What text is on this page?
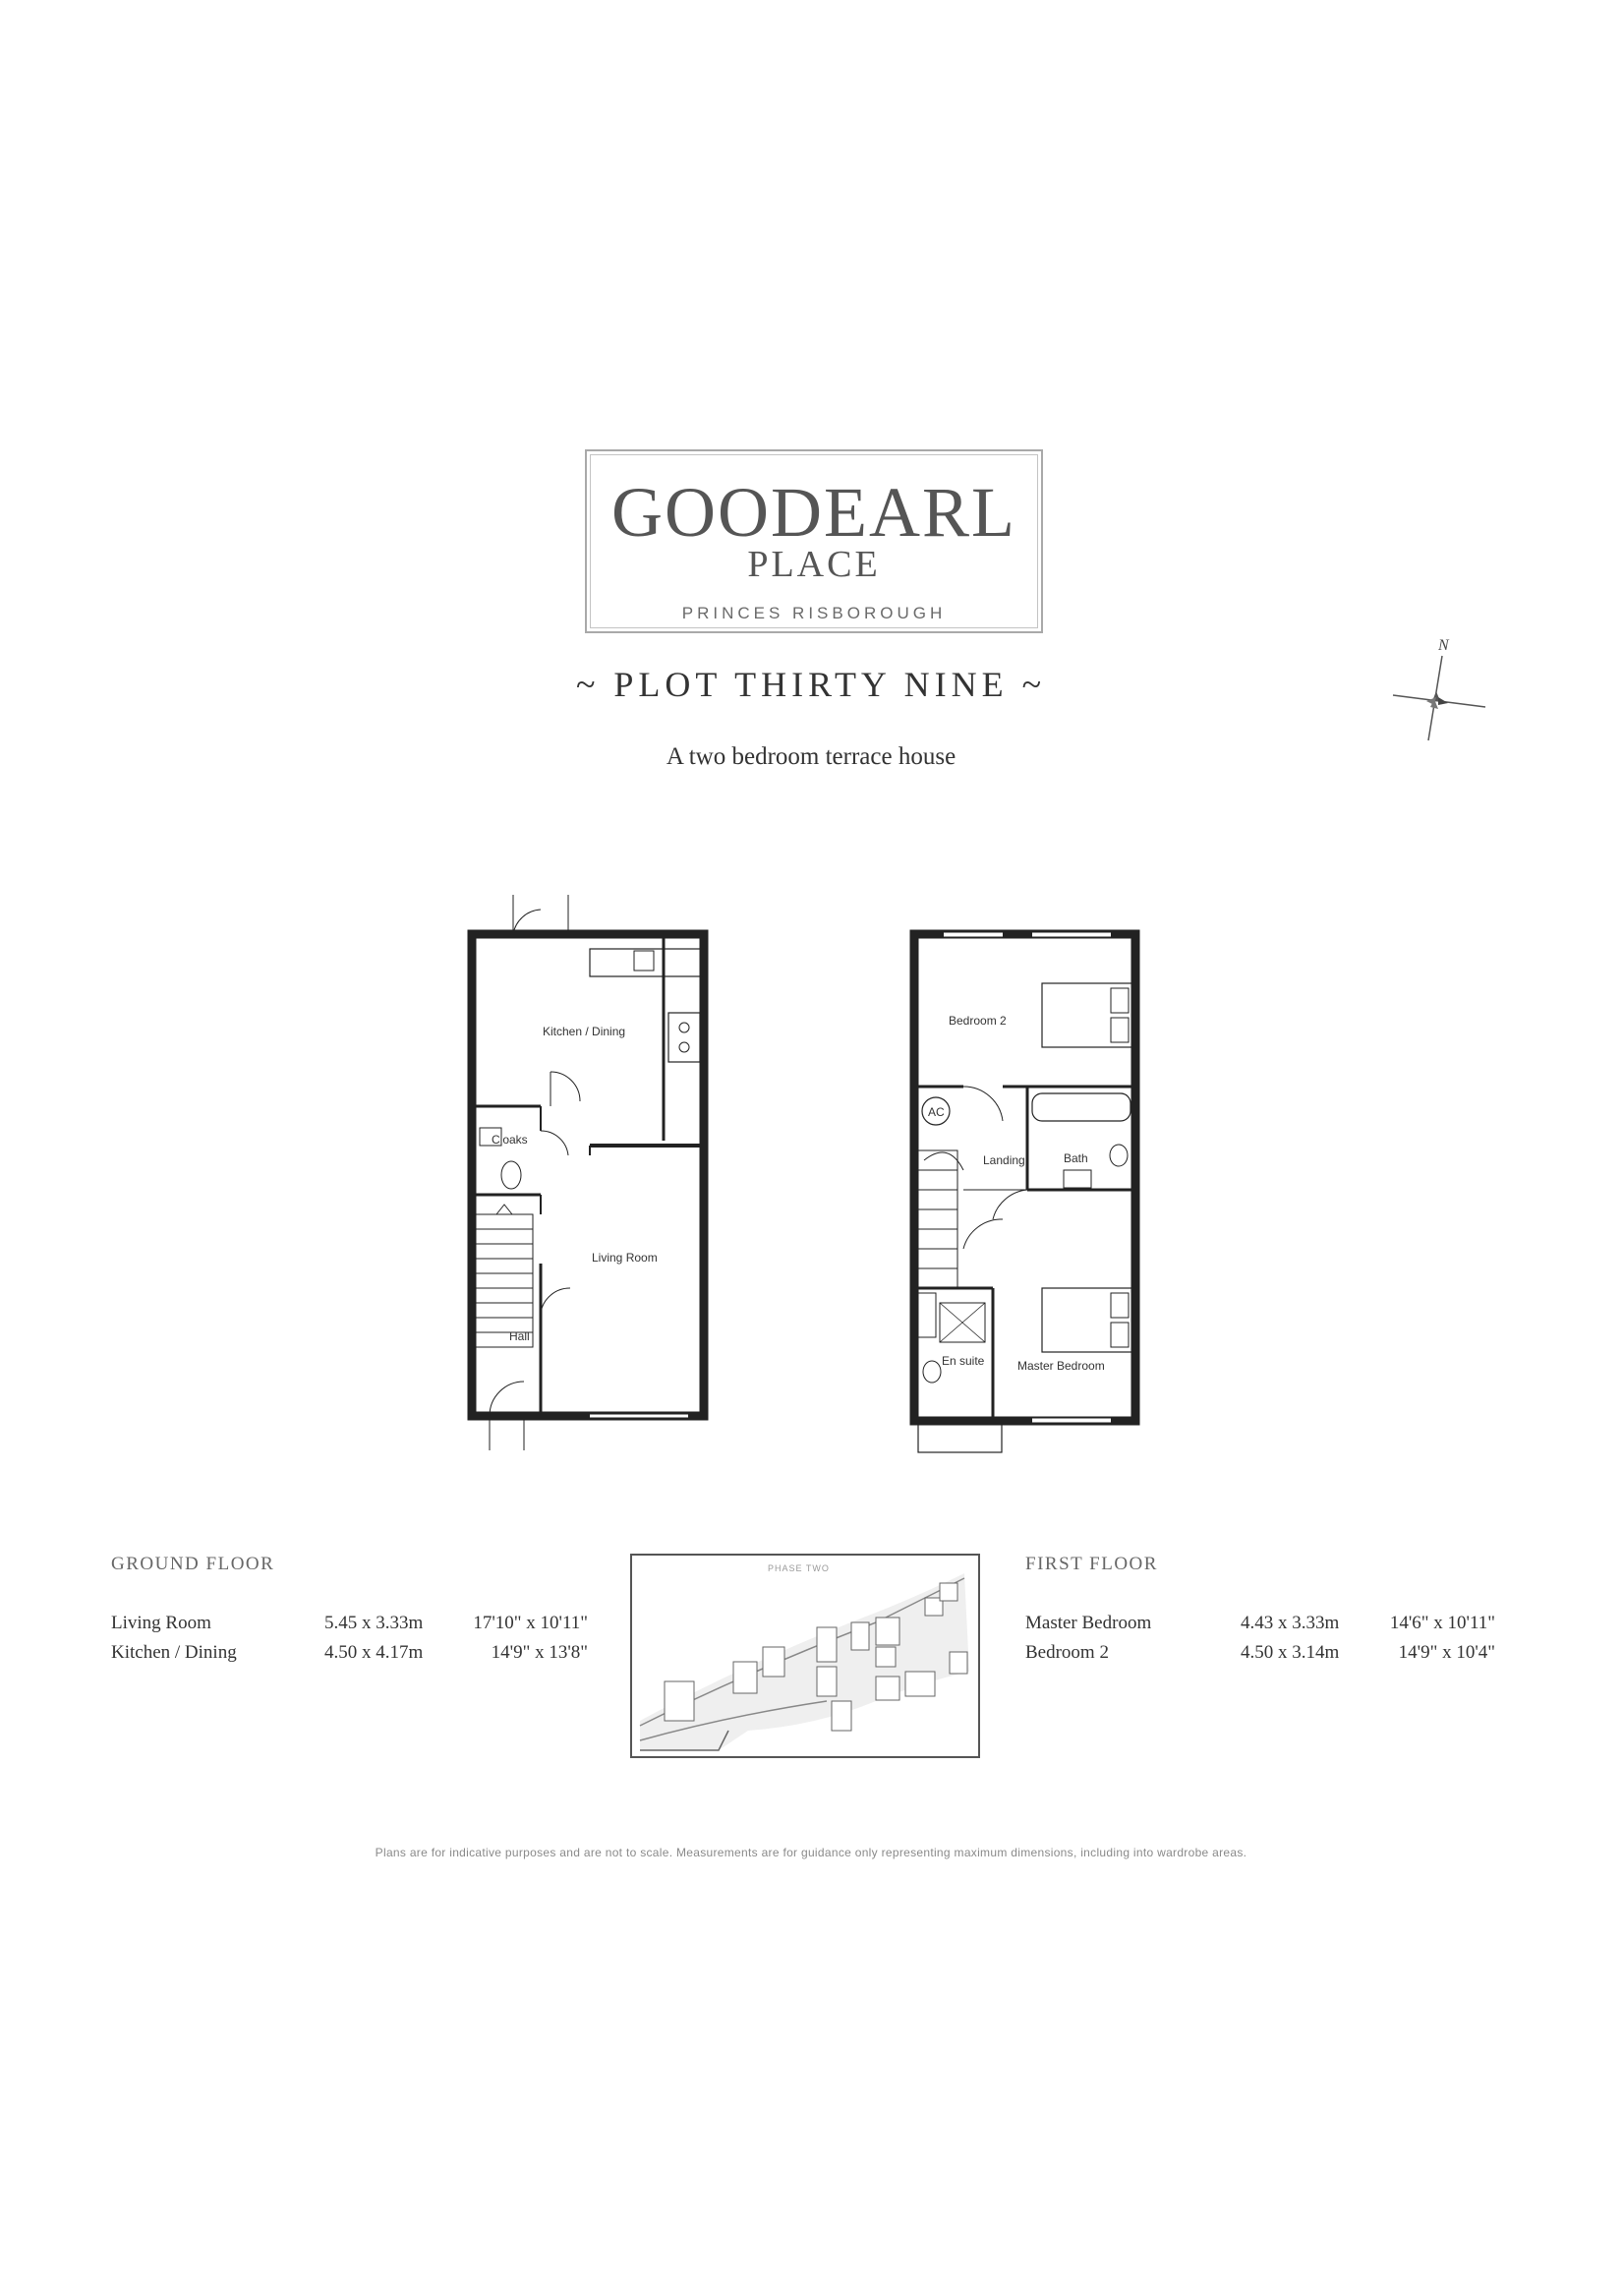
GOODEARL
PLACE
PRINCES RISBOROUGH
~ PLOT THIRTY NINE ~
A two bedroom terrace house
N
Kitchen / Dining
Cloaks
Living Room
Hall
Bedroom 2
AC
Landing	Bath
En suite	Master Bedroom
GROUND FLOOR
Living Room	5.45 x 3.33m	17'10" x 10'11"
Kitchen / Dining	4.50 x 4.17m	14'9" x 13'8"
PHASE TWO	FIRST FLOOR
Master Bedroom	4.43 x 3.33m	14'6" x 10'11"
Bedroom 2	4.50 x 3.14m	14'9" x 10'4"
Plans are for indicative purposes and are not to scale. Measurements are for guidance only representing maximum dimensions, including into wardrobe areas.
